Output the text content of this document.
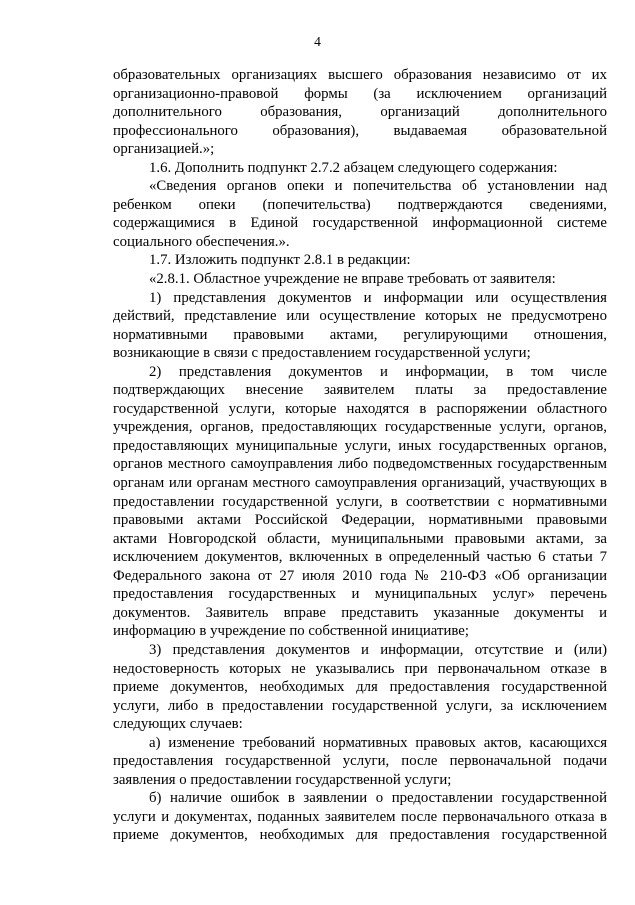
4
образовательных организациях высшего образования независимо от их
организационно-правовой формы (за исключением организаций
дополнительного образования, организаций дополнительного
профессионального образования), выдаваемая образовательной
организацией.»;
1.6. Дополнить подпункт 2.7.2 абзацем следующего содержания:
«Сведения органов опеки и попечительства об установлении над
ребенком опеки (попечительства) подтверждаются сведениями,
содержащимися в Единой государственной информационной системе
социального обеспечения.».
1.7. Изложить подпункт 2.8.1 в редакции:
«2.8.1. Областное учреждение не вправе требовать от заявителя:
1) представления документов и информации или осуществления
действий, представление или осуществление которых не предусмотрено
нормативными правовыми актами, регулирующими отношения,
возникающие в связи с предоставлением государственной услуги;
2) представления документов и информации, в том числе
подтверждающих внесение заявителем платы за предоставление
государственной услуги, которые находятся в распоряжении областного
учреждения, органов, предоставляющих государственные услуги, органов,
предоставляющих муниципальные услуги, иных государственных органов,
органов местного самоуправления либо подведомственных государственным
органам или органам местного самоуправления организаций, участвующих в
предоставлении государственной услуги, в соответствии с нормативными
правовыми актами Российской Федерации, нормативными правовыми
актами Новгородской области, муниципальными правовыми актами, за
исключением документов, включенных в определенный частью 6 статьи 7
Федерального закона от 27 июля 2010 года № 210-ФЗ «Об организации
предоставления государственных и муниципальных услуг» перечень
документов. Заявитель вправе представить указанные документы и
информацию в учреждение по собственной инициативе;
3) представления документов и информации, отсутствие и (или)
недостоверность которых не указывались при первоначальном отказе в
приеме документов, необходимых для предоставления государственной
услуги, либо в предоставлении государственной услуги, за исключением
следующих случаев:
а) изменение требований нормативных правовых актов, касающихся
предоставления государственной услуги, после первоначальной подачи
заявления о предоставлении государственной услуги;
б) наличие ошибок в заявлении о предоставлении государственной
услуги и документах, поданных заявителем после первоначального отказа в
приеме документов, необходимых для предоставления государственной
